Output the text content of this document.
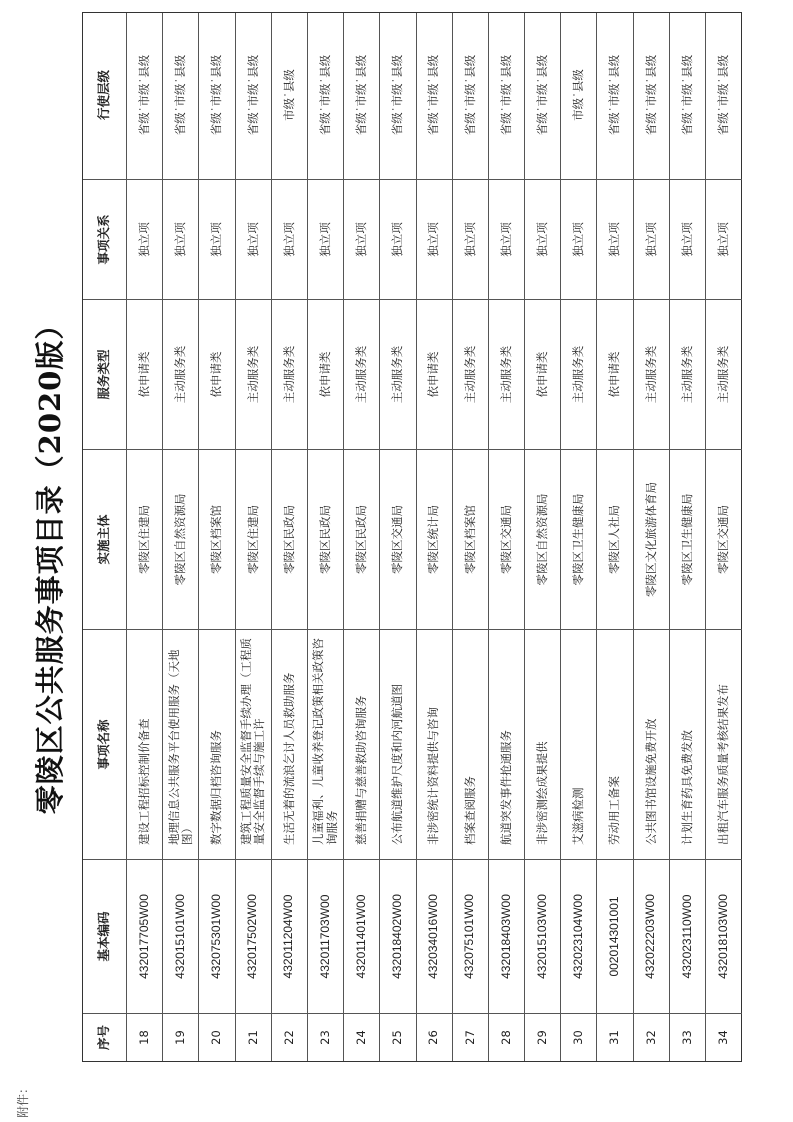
附件：
零陵区公共服务事项目录（2020版）
序号
基本编码
事项名称
实施主体
服务类型
事项关系
行使层级
18
432017705W00
建设工程招标控制价备查
零陵区住建局
依申请类
独立项
省级˙市级˙县级
19
432015101W00
地理信息公共服务平台使用服务（天地图）
零陵区自然资源局
主动服务类
独立项
省级˙市级˙县级
20
432075301W00
数字数据归档咨询服务
零陵区档案馆
依申请类
独立项
省级˙市级˙县级
21
432017502W00
建筑工程质量安全监督手续办理（工程质量安全监督手续与施工许
零陵区住建局
主动服务类
独立项
省级˙市级˙县级
22
432011204W00
生活无着的流浪乞讨人员救助服务
零陵区民政局
主动服务类
独立项
市级˙县级
23
432011703W00
儿童福利、儿童收养登记政策相关政策咨询服务
零陵区民政局
依申请类
独立项
省级˙市级˙县级
24
432011401W00
慈善捐赠与慈善救助咨询服务
零陵区民政局
主动服务类
独立项
省级˙市级˙县级
25
432018402W00
公布航道维护尺度和内河航道图
零陵区交通局
主动服务类
独立项
省级˙市级˙县级
26
432034016W00
非涉密统计资料提供与咨询
零陵区统计局
依申请类
独立项
省级˙市级˙县级
27
432075101W00
档案查阅服务
零陵区档案馆
主动服务类
独立项
省级˙市级˙县级
28
432018403W00
航道突发事件抢通服务
零陵区交通局
主动服务类
独立项
省级˙市级˙县级
29
432015103W00
非涉密测绘成果提供
零陵区自然资源局
依申请类
独立项
省级˙市级˙县级
30
432023104W00
艾滋病检测
零陵区卫生健康局
主动服务类
独立项
市级˙县级
31
002014301001
劳动用工备案
零陵区人社局
依申请类
独立项
省级˙市级˙县级
32
432022203W00
公共图书馆设施免费开放
零陵区文化旅游体育局
主动服务类
独立项
省级˙市级˙县级
33
432023110W00
计划生育药具免费发放
零陵区卫生健康局
主动服务类
独立项
省级˙市级˙县级
34
432018103W00
出租汽车服务质量考核结果发布
零陵区交通局
主动服务类
独立项
省级˙市级˙县级
